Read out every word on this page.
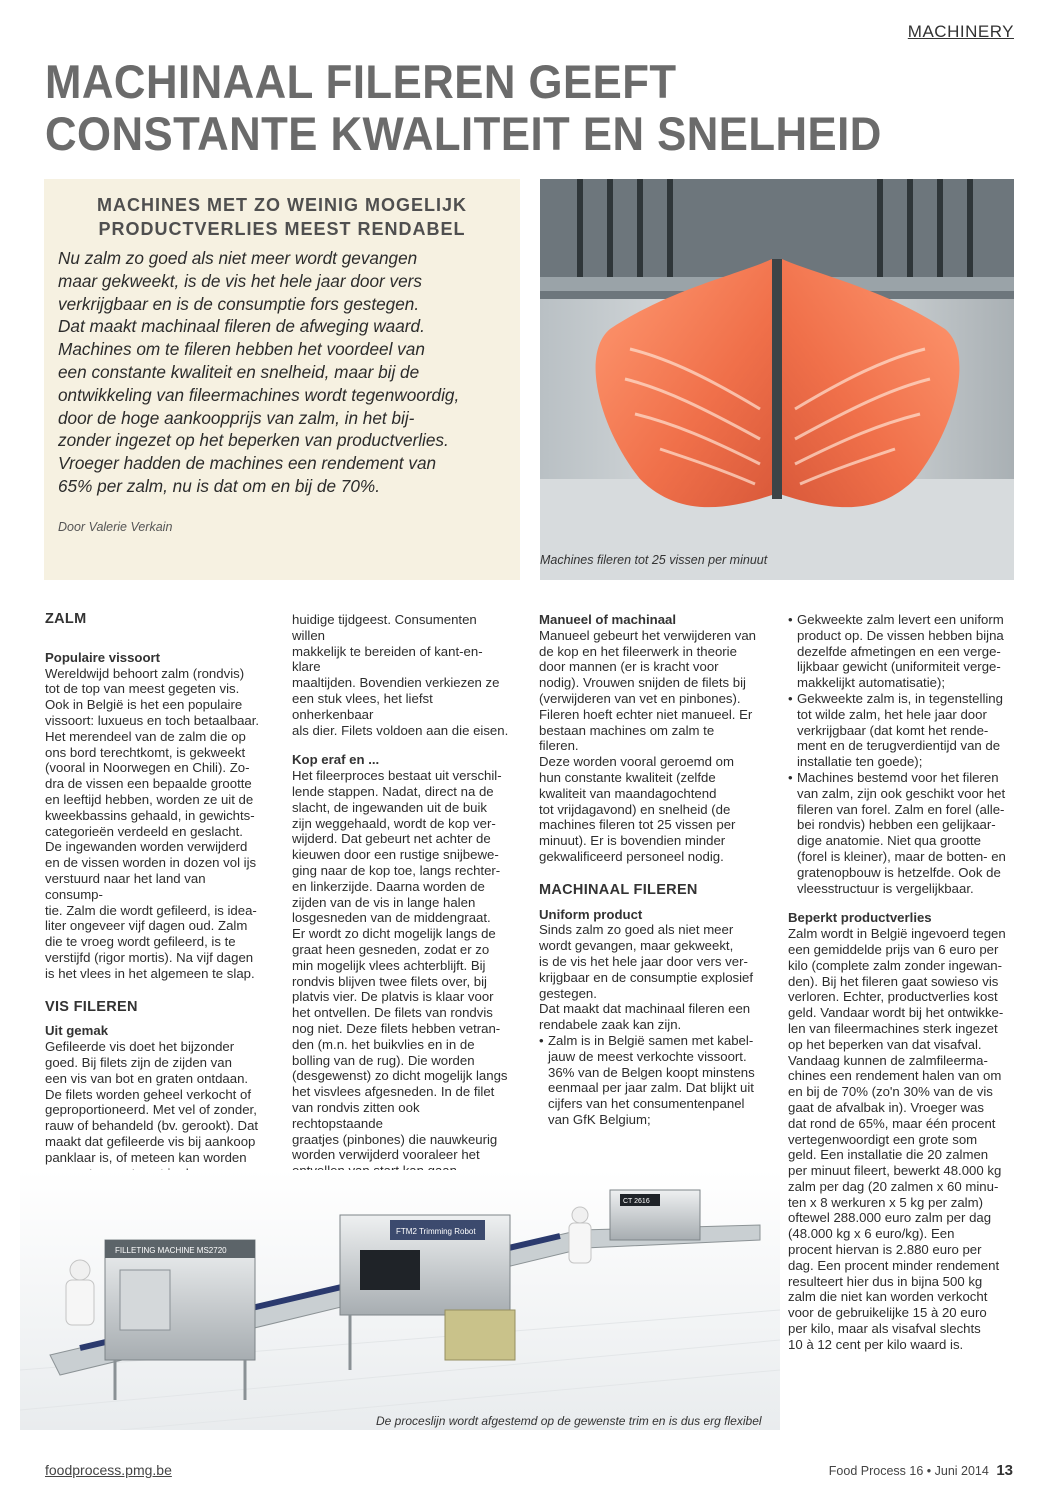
MACHINERY
MACHINAAL FILEREN GEEFT
CONSTANTE KWALITEIT EN SNELHEID
MACHINES MET ZO WEINIG MOGELIJK
PRODUCTVERLIES MEEST RENDABEL
Nu zalm zo goed als niet meer wordt gevangen
maar gekweekt, is de vis het hele jaar door vers
verkrijgbaar en is de consumptie fors gestegen.
Dat maakt machinaal fileren de afweging waard.
Machines om te fileren hebben het voordeel van
een constante kwaliteit en snelheid, maar bij de
ontwikkeling van fileermachines wordt tegenwoordig,
door de hoge aankoopprijs van zalm, in het bij-
zonder ingezet op het beperken van productverlies.
Vroeger hadden de machines een rendement van
65% per zalm, nu is dat om en bij de 70%.
Door Valerie Verkain
Machines fileren tot 25 vissen per minuut
ZALM
Populaire vissoort

Wereldwijd behoort zalm (rondvis)
tot de top van meest gegeten vis.
Ook in België is het een populaire
vissoort: luxueus en toch betaalbaar.
Het merendeel van de zalm die op
ons bord terechtkomt, is gekweekt
(vooral in Noorwegen en Chili). Zo-
dra de vissen een bepaalde grootte
en leeftijd hebben, worden ze uit de
kweekbassins gehaald, in gewichts-
categorieën verdeeld en geslacht.
De ingewanden worden verwijderd
en de vissen worden in dozen vol ijs
verstuurd naar het land van consump-
tie. Zalm die wordt gefileerd, is idea-
liter ongeveer vijf dagen oud. Zalm
die te vroeg wordt gefileerd, is te
verstijfd (rigor mortis). Na vijf dagen
is het vlees in het algemeen te slap.

VIS FILEREN
Uit gemak

Gefileerde vis doet het bijzonder
goed. Bij filets zijn de zijden van
een vis van bot en graten ontdaan.
De filets worden geheel verkocht of
geproportioneerd. Met vel of zonder,
rauw of behandeld (bv. gerookt). Dat
maakt dat gefileerde vis bij aankoop
panklaar is, of meteen kan worden

huidige tijdgeest. Consumenten willen
makkelijk te bereiden of kant-en-klare
maaltijden. Bovendien verkiezen ze
een stuk vlees, het liefst onherkenbaar
als dier. Filets voldoen aan die eisen.

Kop eraf en ...

Het fileerproces bestaat uit verschil-
lende stappen. Nadat, direct na de
slacht, de ingewanden uit de buik
zijn weggehaald, wordt de kop ver-
wijderd. Dat gebeurt net achter de
kieuwen door een rustige snijbewe-
ging naar de kop toe, langs rechter-
en linkerzijde. Daarna worden de
zijden van de vis in lange halen
losgesneden van de middengraat.
Er wordt zo dicht mogelijk langs de
graat heen gesneden, zodat er zo
min mogelijk vlees achterblijft. Bij
rondvis blijven twee filets over, bij
platvis vier. De platvis is klaar voor
het ontvellen. De filets van rondvis
nog niet. Deze filets hebben vetran-
den (m.n. het buikvlies en in de
bolling van de rug). Die worden
(desgewenst) zo dicht mogelijk langs
het visvlees afgesneden. In de filet
van rondvis zitten ook rechtopstaande
graatjes (pinbones) die nauwkeurig
worden verwijderd vooraleer het

Manueel of machinaal

Manueel gebeurt het verwijderen van
de kop en het fileerwerk in theorie
door mannen (er is kracht voor
nodig). Vrouwen snijden de filets bij
(verwijderen van vet en pinbones).
Fileren hoeft echter niet manueel. Er
bestaan machines om zalm te fileren.
Deze worden vooral geroemd om
hun constante kwaliteit (zelfde
kwaliteit van maandagochtend
tot vrijdagavond) en snelheid (de
machines fileren tot 25 vissen per
minuut). Er is bovendien minder
gekwalificeerd personeel nodig.

MACHINAAL FILEREN
Uniform product

Sinds zalm zo goed als niet meer
wordt gevangen, maar gekweekt,
is de vis het hele jaar door vers ver-
krijgbaar en de consumptie explosief
gestegen.
Dat maakt dat machinaal fileren een
rendabele zaak kan zijn.

• Zalm is in België samen met kabel-
jauw de meest verkochte vissoort.
36% van de Belgen koopt minstens
eenmaal per jaar zalm. Dat blijkt uit
cijfers van het consumentenpanel
van GfK Belgium;

• Gekweekte zalm levert een uniform
product op. De vissen hebben bijna
dezelfde afmetingen en een verge-
lijkbaar gewicht (uniformiteit verge-
makkelijkt automatisatie);

• Gekweekte zalm is, in tegenstelling
tot wilde zalm, het hele jaar door
verkrijgbaar (dat komt het rende-
ment en de terugverdientijd van de
installatie ten goede);

• Machines bestemd voor het fileren
van zalm, zijn ook geschikt voor het
fileren van forel. Zalm en forel (alle-
bei rondvis) hebben een gelijkaar-
dige anatomie. Niet qua grootte
(forel is kleiner), maar de botten- en
gratenopbouw is hetzelfde. Ook de
vleesstructuur is vergelijkbaar.

Beperkt productverlies

Zalm wordt in België ingevoerd tegen
een gemiddelde prijs van 6 euro per
kilo (complete zalm zonder ingewan-
den). Bij het fileren gaat sowieso vis
verloren. Echter, productverlies kost
geld. Vandaar wordt bij het ontwikke-
len van fileermachines sterk ingezet
op het beperken van dat visafval.
Vandaag kunnen de zalmfileerma-
chines een rendement halen van om
en bij de 70% (zo'n 30% van de vis
gaat de afvalbak in). Vroeger was
dat rond de 65%, maar één procent
vertegenwoordigt een grote som
geld. Een installatie die 20 zalmen
per minuut fileert, bewerkt 48.000 kg
zalm per dag (20 zalmen x 60 minu-
ten x 8 werkuren x 5 kg per zalm)
oftewel 288.000 euro zalm per dag
(48.000 kg x 6 euro/kg). Een
procent hiervan is 2.880 euro per
dag. Een procent minder rendement
resulteert hier dus in bijna 500 kg
zalm die niet kan worden verkocht
voor de gebruikelijke 15 à 20 euro
per kilo, maar als visafval slechts
10 à 12 cent per kilo waard is.

FILLETING MACHINE MS2720
FTM2 Trimming Robot
CT 2616
De proceslijn wordt afgestemd op de gewenste trim en is dus erg flexibel
foodprocess.pmg.be	Food Process 16 • Juni 2014 13
